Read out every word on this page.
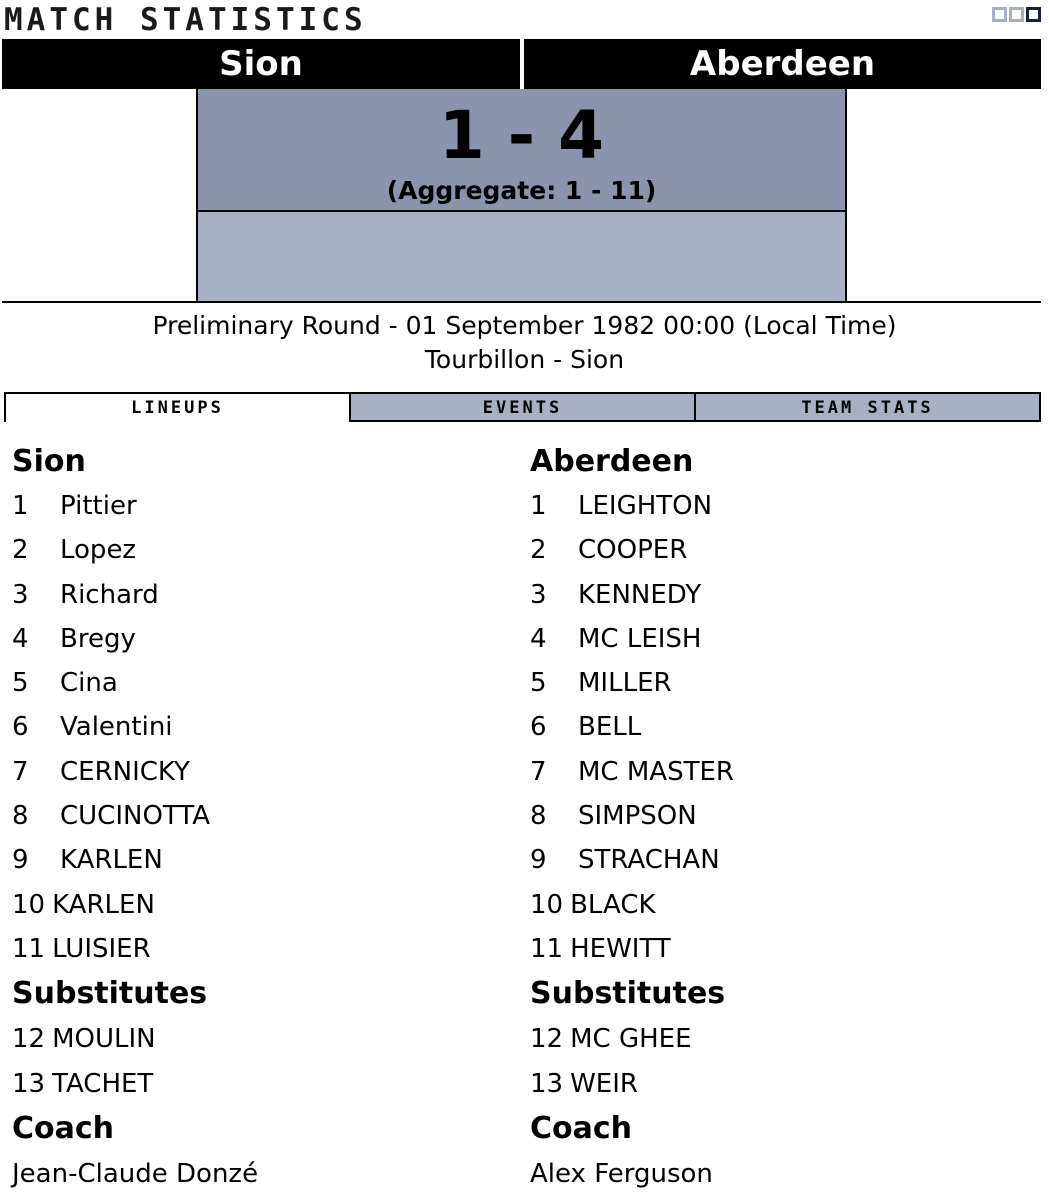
MATCH STATISTICS
Sion	Aberdeen
1 - 4
(Aggregate: 1 - 11)
Preliminary Round - 01 September 1982 00:00 (Local Time)
Tourbillon - Sion
LINEUPS	EVENTS	TEAM STATS
Sion
1 Pittier
2 Lopez
3 Richard
4 Bregy
5 Cina
6 Valentini
7 CERNICKY
8 CUCINOTTA
9 KARLEN
10 KARLEN
11 LUISIER
Substitutes
12 MOULIN
13 TACHET
Coach
Jean-Claude Donzé
Aberdeen
1 LEIGHTON
2 COOPER
3 KENNEDY
4 MC LEISH
5 MILLER
6 BELL
7 MC MASTER
8 SIMPSON
9 STRACHAN
10 BLACK
11 HEWITT
Substitutes
12 MC GHEE
13 WEIR
Coach
Alex Ferguson
